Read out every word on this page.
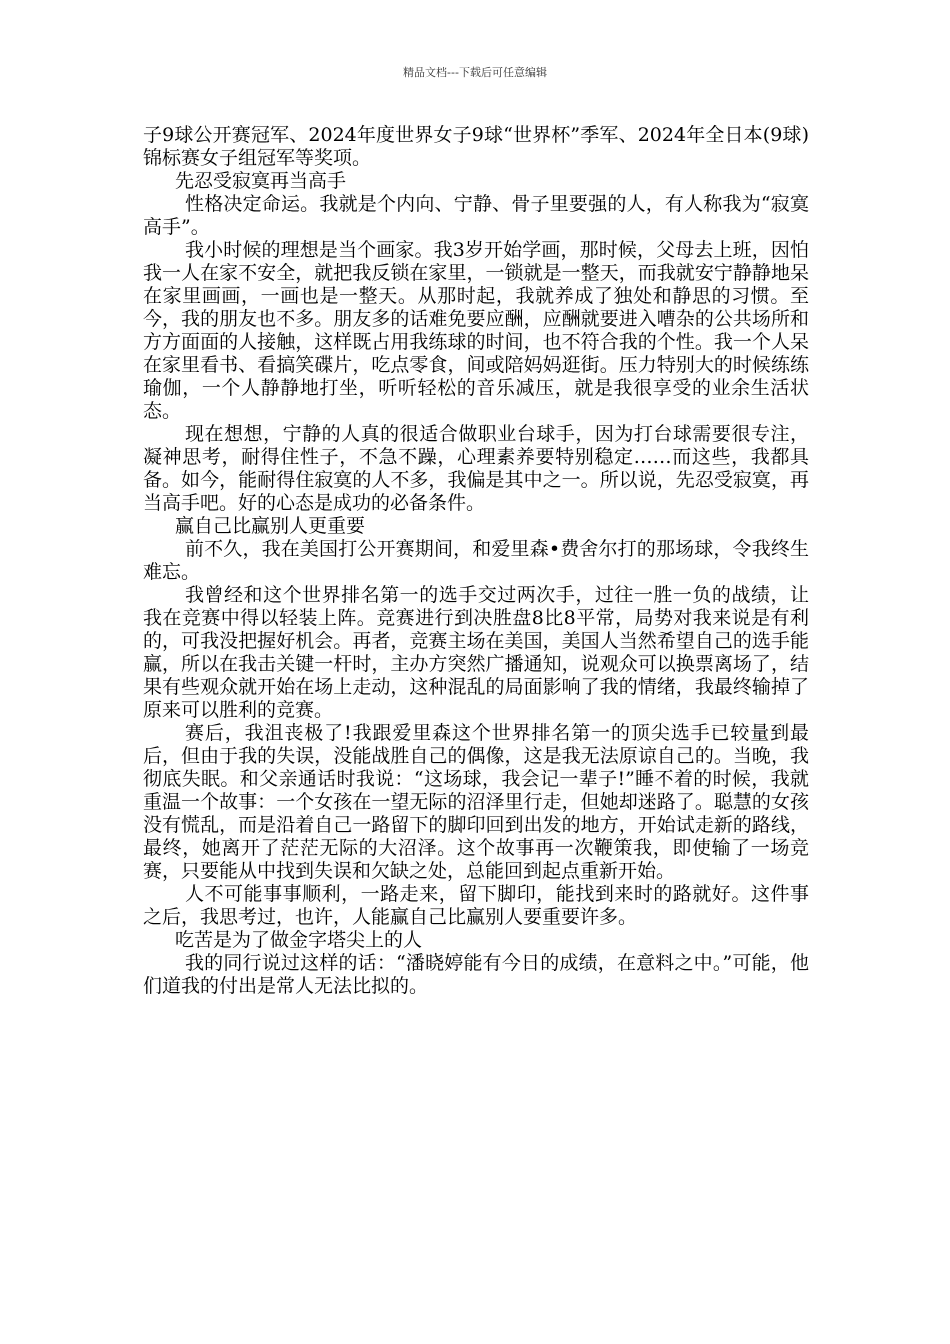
精品文档---下载后可任意编辑

子9球公开赛冠军、2024年度世界女子9球“世界杯”季军、2024年全日本(9球)锦标赛女子组冠军等奖项。

先忍受寂寞再当高手

性格决定命运。我就是个内向、宁静、骨子里要强的人，有人称我为“寂寞高手”。

我小时候的理想是当个画家。我3岁开始学画，那时候，父母去上班，因怕我一人在家不安全，就把我反锁在家里，一锁就是一整天，而我就安宁静静地呆在家里画画，一画也是一整天。从那时起，我就养成了独处和静思的习惯。至今，我的朋友也不多。朋友多的话难免要应酬，应酬就要进入嘈杂的公共场所和方方面面的人接触，这样既占用我练球的时间，也不符合我的个性。我一个人呆在家里看书、看搞笑碟片，吃点零食，间或陪妈妈逛街。压力特别大的时候练练瑜伽，一个人静静地打坐，听听轻松的音乐减压，就是我很享受的业余生活状态。

现在想想，宁静的人真的很适合做职业台球手，因为打台球需要很专注，凝神思考，耐得住性子，不急不躁，心理素养要特别稳定……而这些，我都具备。如今，能耐得住寂寞的人不多，我偏是其中之一。所以说，先忍受寂寞，再当高手吧。好的心态是成功的必备条件。

赢自己比赢别人更重要

前不久，我在美国打公开赛期间，和爱里森•费舍尔打的那场球，令我终生难忘。

我曾经和这个世界排名第一的选手交过两次手，过往一胜一负的战绩，让我在竞赛中得以轻装上阵。竞赛进行到决胜盘8比8平常，局势对我来说是有利的，可我没把握好机会。再者，竞赛主场在美国，美国人当然希望自己的选手能赢，所以在我击关键一杆时，主办方突然广播通知，说观众可以换票离场了，结果有些观众就开始在场上走动，这种混乱的局面影响了我的情绪，我最终输掉了原来可以胜利的竞赛。

赛后，我沮丧极了!我跟爱里森这个世界排名第一的顶尖选手已较量到最后，但由于我的失误，没能战胜自己的偶像，这是我无法原谅自己的。当晚，我彻底失眠。和父亲通话时我说：“这场球，我会记一辈子!”睡不着的时候，我就重温一个故事：一个女孩在一望无际的沼泽里行走，但她却迷路了。聪慧的女孩没有慌乱，而是沿着自己一路留下的脚印回到出发的地方，开始试走新的路线，最终，她离开了茫茫无际的大沼泽。这个故事再一次鞭策我，即使输了一场竞赛，只要能从中找到失误和欠缺之处，总能回到起点重新开始。

人不可能事事顺利，一路走来，留下脚印，能找到来时的路就好。这件事之后，我思考过，也许，人能赢自己比赢别人要重要许多。

吃苦是为了做金字塔尖上的人

我的同行说过这样的话：“潘晓婷能有今日的成绩，在意料之中。”可能，他们道我的付出是常人无法比拟的。
